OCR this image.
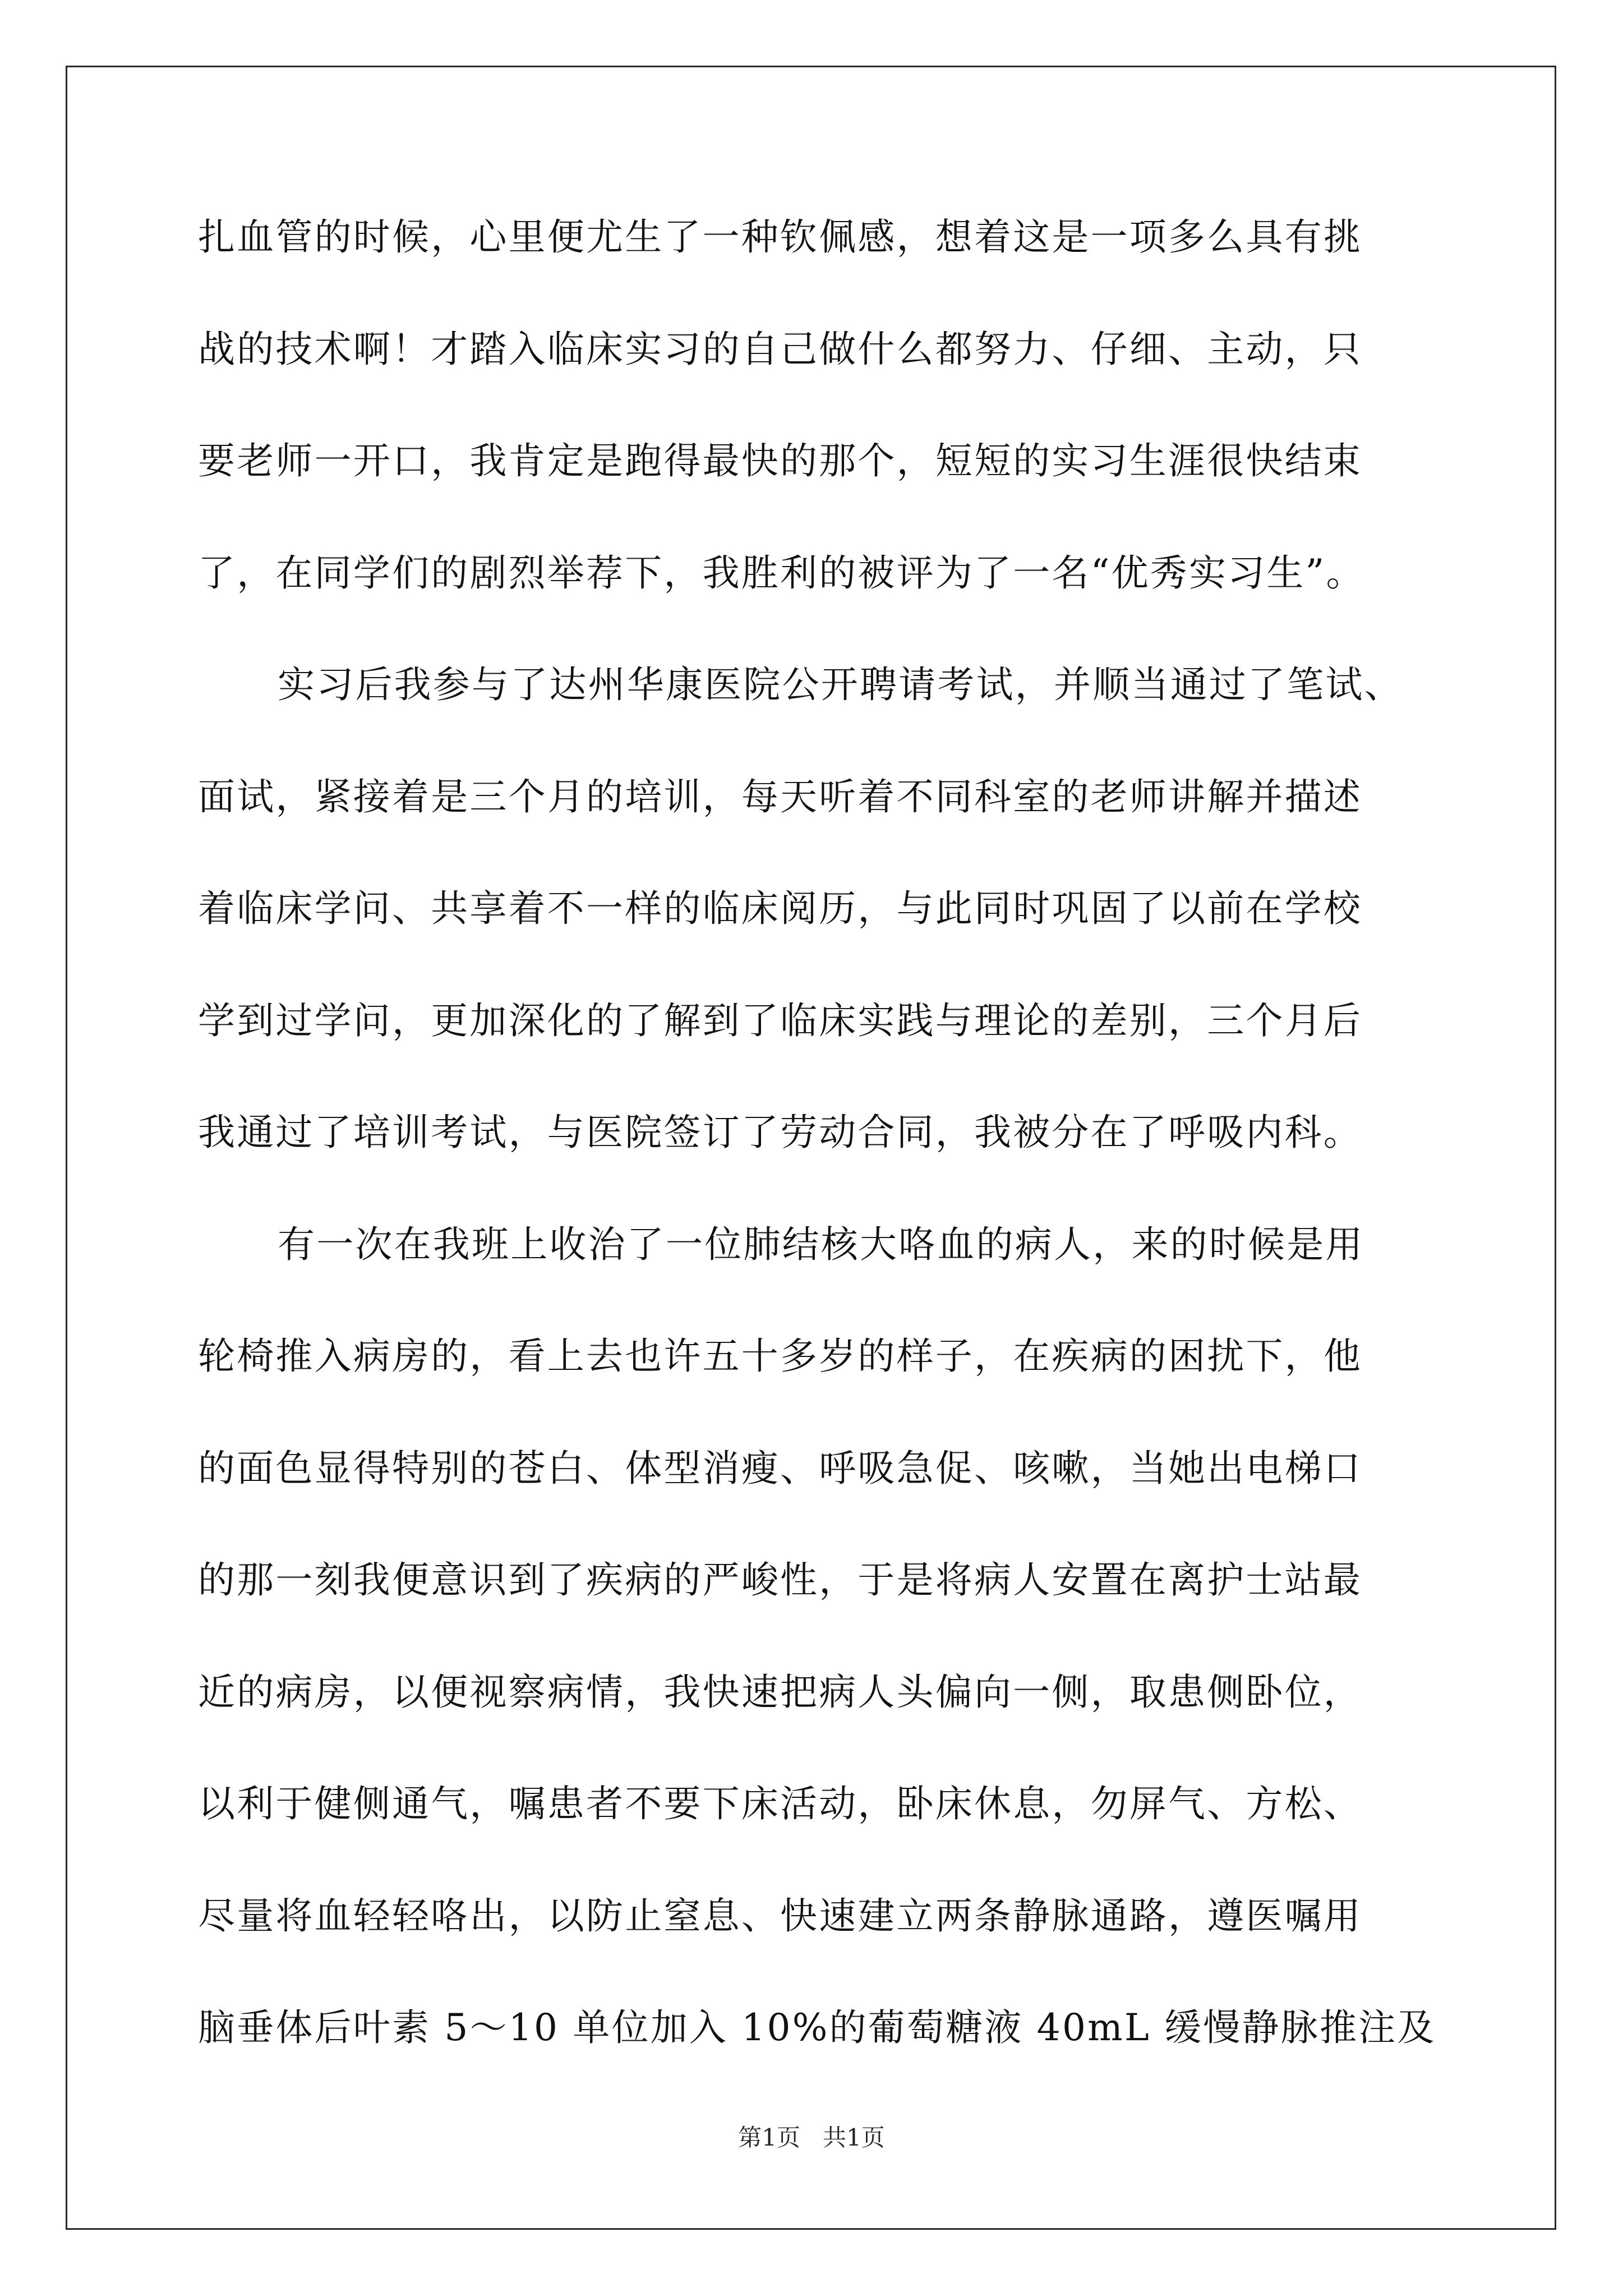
扎血管的时候，心里便尤生了一种钦佩感，想着这是一项多么具有挑
战的技术啊！才踏入临床实习的自己做什么都努力、仔细、主动，只
要老师一开口，我肯定是跑得最快的那个，短短的实习生涯很快结束
了，在同学们的剧烈举荐下，我胜利的被评为了一名“优秀实习生”。
实习后我参与了达州华康医院公开聘请考试，并顺当通过了笔试、
面试，紧接着是三个月的培训，每天听着不同科室的老师讲解并描述
着临床学问、共享着不一样的临床阅历，与此同时巩固了以前在学校
学到过学问，更加深化的了解到了临床实践与理论的差别，三个月后
我通过了培训考试，与医院签订了劳动合同，我被分在了呼吸内科。
有一次在我班上收治了一位肺结核大咯血的病人，来的时候是用
轮椅推入病房的，看上去也许五十多岁的样子，在疾病的困扰下，他
的面色显得特别的苍白、体型消瘦、呼吸急促、咳嗽，当她出电梯口
的那一刻我便意识到了疾病的严峻性，于是将病人安置在离护士站最
近的病房，以便视察病情，我快速把病人头偏向一侧，取患侧卧位，
以利于健侧通气，嘱患者不要下床活动，卧床休息，勿屏气、方松、
尽量将血轻轻咯出，以防止窒息、快速建立两条静脉通路，遵医嘱用
脑垂体后叶素 5～10 单位加入 10%的葡萄糖液 40mL 缓慢静脉推注及
第1页 共1页
